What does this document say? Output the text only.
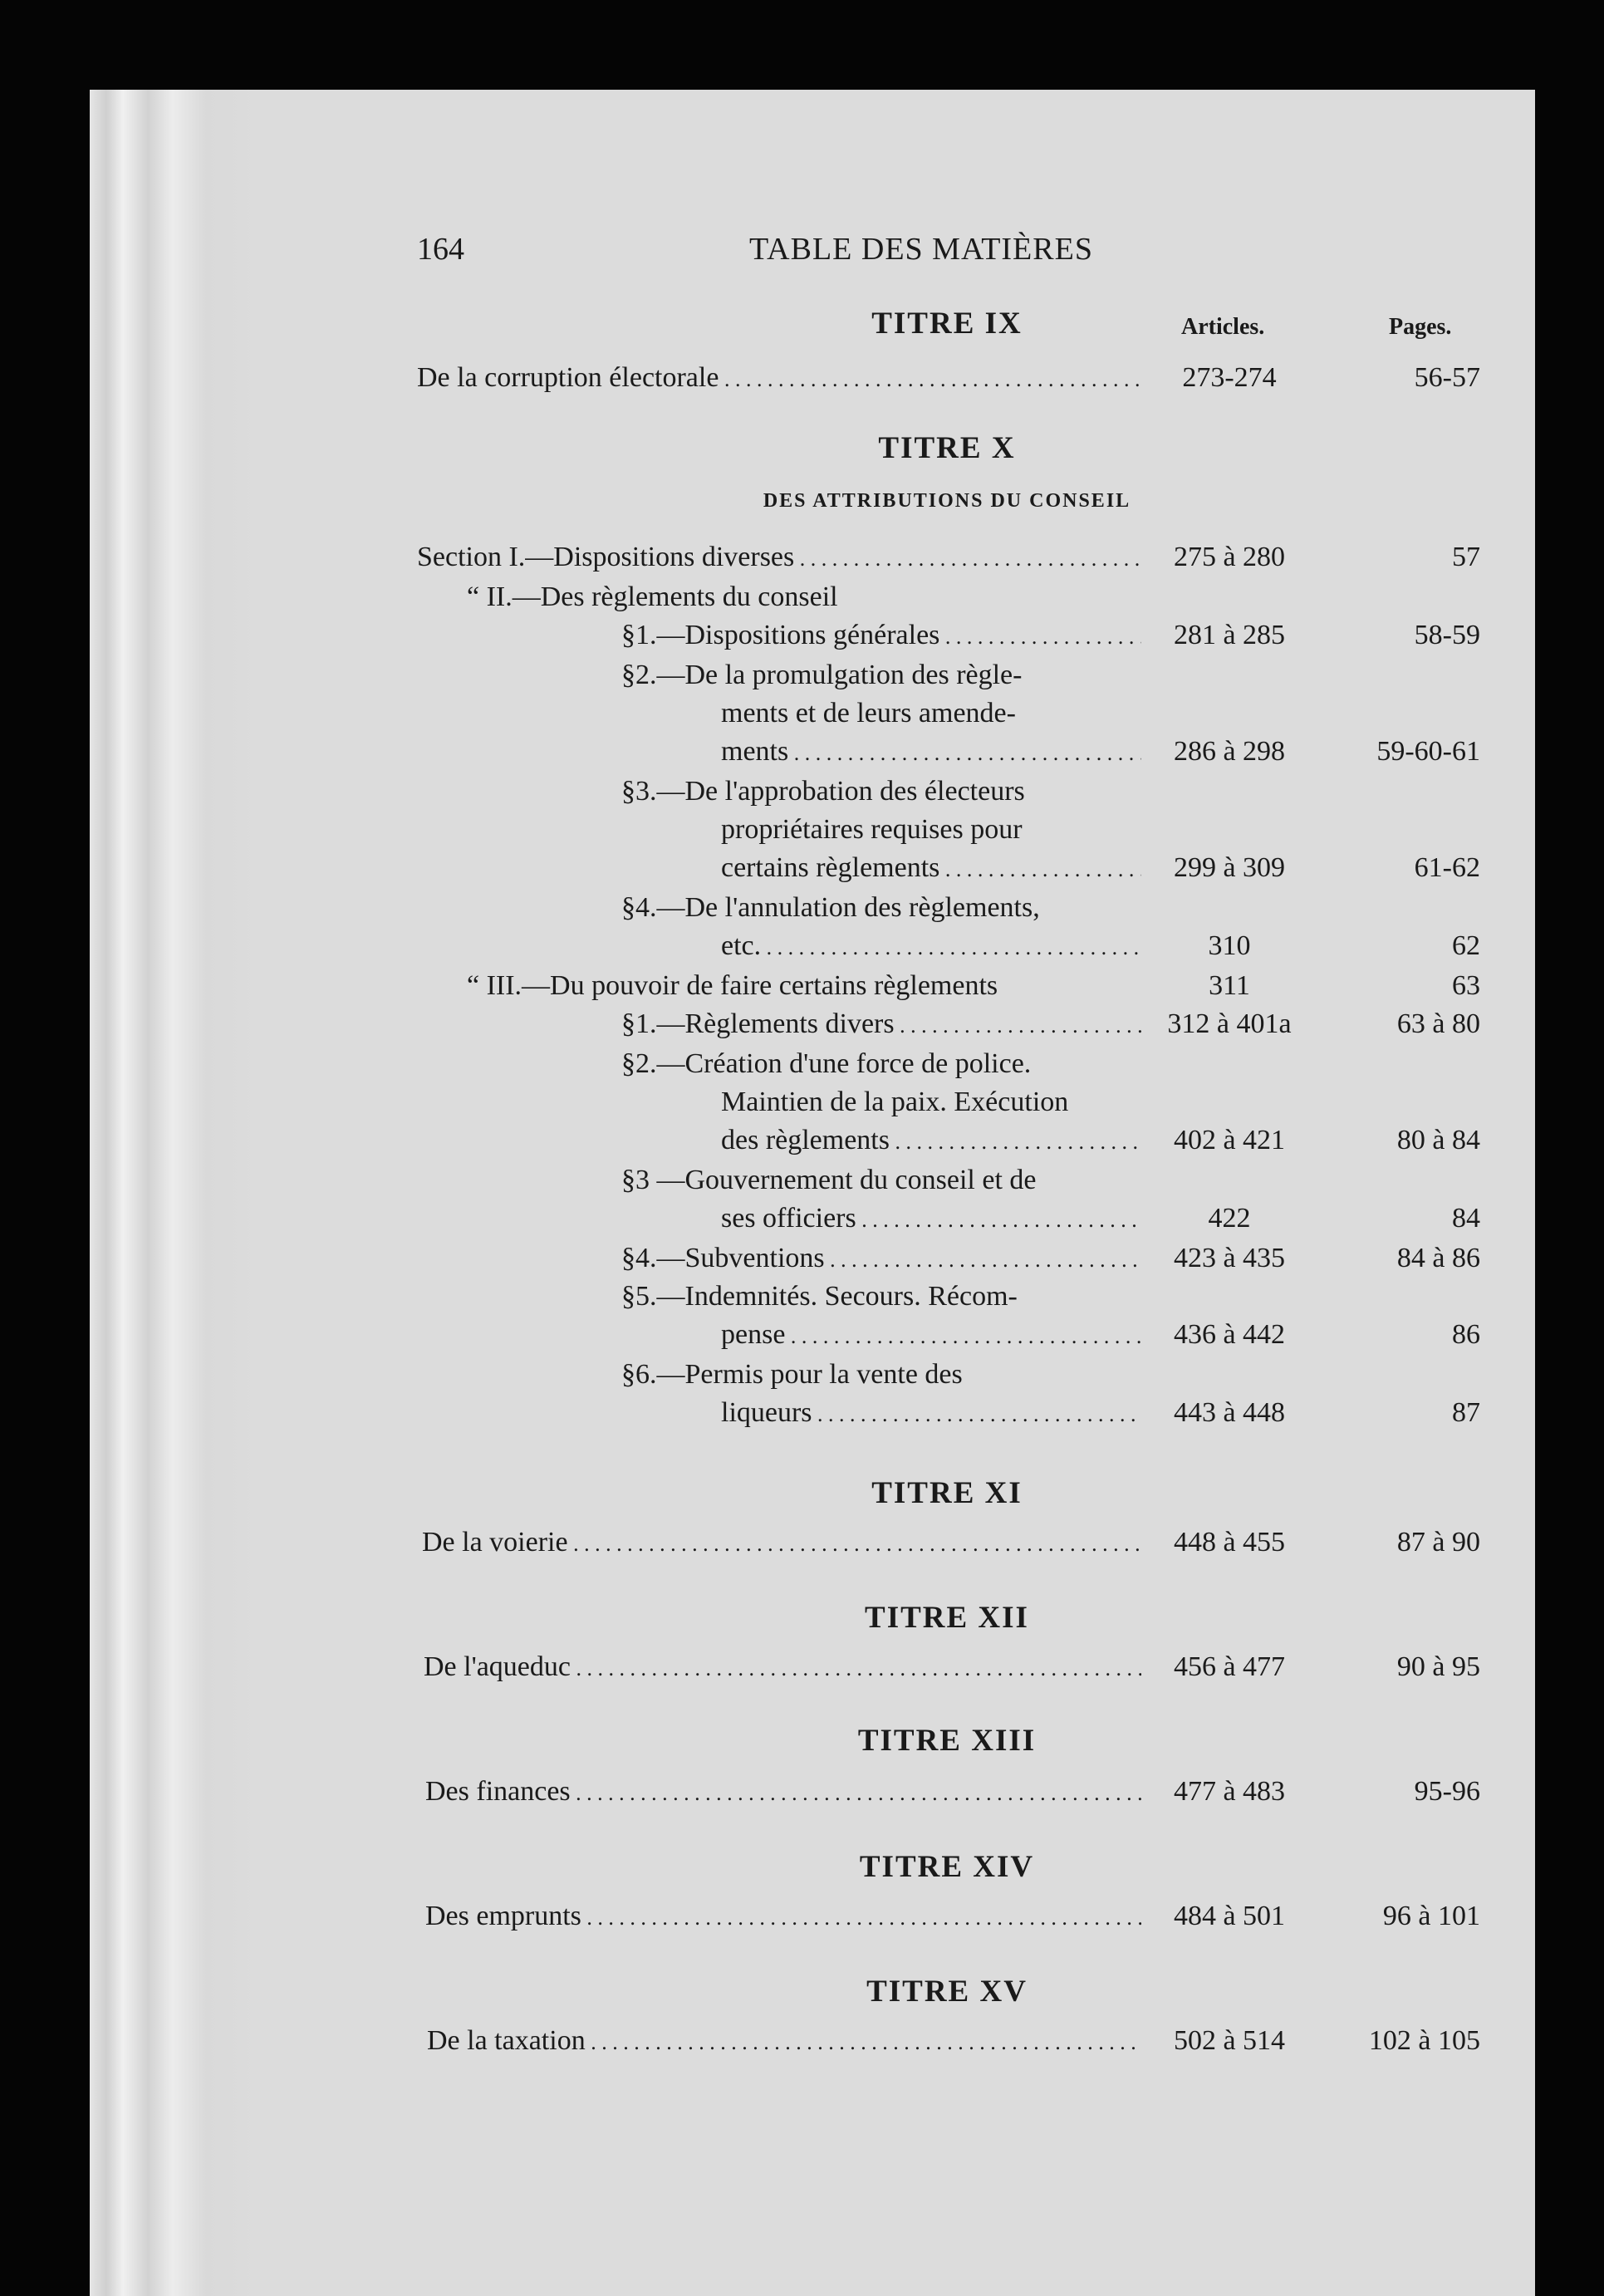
164	TABLE DES MATIÈRES
TITRE IX	Articles.	Pages.
De la corruption électorale . . .	273-274	56-57
TITRE X
DES ATTRIBUTIONS DU CONSEIL
Section I.—Dispositions diverses . . .	275 à 280	57
“ II.—Des règlements du conseil
§1.—Dispositions générales . . .	281 à 285	58-59
§2.—De la promulgation des règle-
ments et de leurs amende-
ments . . .	286 à 298	59-60-61
§3.—De l'approbation des électeurs
propriétaires requises pour
certains règlements . . .	299 à 309	61-62
§4.—De l'annulation des règlements,
etc. . . .	310	62
“ III.—Du pouvoir de faire certains règlements	311	63
§1.—Règlements divers . . .	312 à 401a	63 à 80
§2.—Création d'une force de police.
Maintien de la paix. Exécution
des règlements . . .	402 à 421	80 à 84
§3 —Gouvernement du conseil et de
ses officiers . . .	422	84
§4.—Subventions . . .	423 à 435	84 à 86
§5.—Indemnités. Secours. Récom-
pense . . .	436 à 442	86
§6.—Permis pour la vente des
liqueurs . . .	443 à 448	87
TITRE XI
De la voierie . . .	448 à 455	87 à 90
TITRE XII
De l'aqueduc . . .	456 à 477	90 à 95
TITRE XIII
Des finances . . .	477 à 483	95-96
TITRE XIV
Des emprunts . . .	484 à 501	96 à 101
TITRE XV
De la taxation . . .	502 à 514	102 à 105
